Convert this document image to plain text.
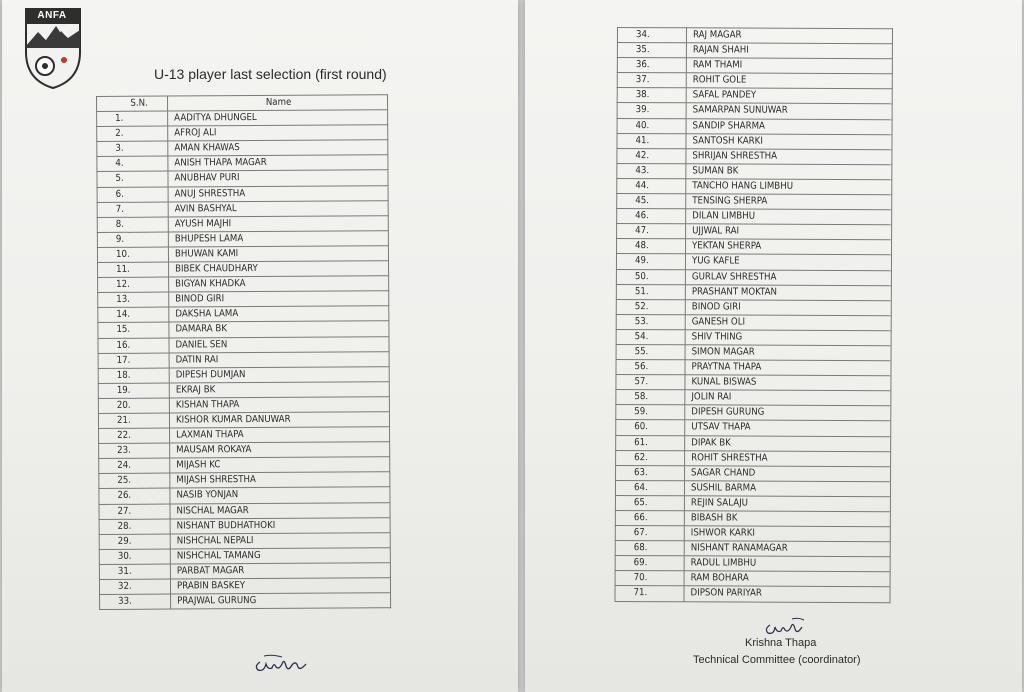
ANFA
U-13 player last selection (first round)
S.N.	Name
1.	AADITYA DHUNGEL
2.	AFROJ ALI
3.	AMAN KHAWAS
4.	ANISH THAPA MAGAR
5.	ANUBHAV PURI
6.	ANUJ SHRESTHA
7.	AVIN BASHYAL
8.	AYUSH MAJHI
9.	BHUPESH LAMA
10.	BHUWAN KAMI
11.	BIBEK CHAUDHARY
12.	BIGYAN KHADKA
13.	BINOD GIRI
14.	DAKSHA LAMA
15.	DAMARA BK
16.	DANIEL SEN
17.	DATIN RAI
18.	DIPESH DUMJAN
19.	EKRAJ BK
20.	KISHAN THAPA
21.	KISHOR KUMAR DANUWAR
22.	LAXMAN THAPA
23.	MAUSAM ROKAYA
24.	MIJASH KC
25.	MIJASH SHRESTHA
26.	NASIB YONJAN
27.	NISCHAL MAGAR
28.	NISHANT BUDHATHOKI
29.	NISHCHAL NEPALI
30.	NISHCHAL TAMANG
31.	PARBAT MAGAR
32.	PRABIN BASKEY
33.	PRAJWAL GURUNG
34.	RAJ MAGAR
35.	RAJAN SHAHI
36.	RAM THAMI
37.	ROHIT GOLE
38.	SAFAL PANDEY
39.	SAMARPAN SUNUWAR
40.	SANDIP SHARMA
41.	SANTOSH KARKI
42.	SHRIJAN SHRESTHA
43.	SUMAN BK
44.	TANCHO HANG LIMBHU
45.	TENSING SHERPA
46.	DILAN LIMBHU
47.	UJJWAL RAI
48.	YEKTAN SHERPA
49.	YUG KAFLE
50.	GURLAV SHRESTHA
51.	PRASHANT MOKTAN
52.	BINOD GIRI
53.	GANESH OLI
54.	SHIV THING
55.	SIMON MAGAR
56.	PRAYTNA THAPA
57.	KUNAL BISWAS
58.	JOLIN RAI
59.	DIPESH GURUNG
60.	UTSAV THAPA
61.	DIPAK BK
62.	ROHIT SHRESTHA
63.	SAGAR CHAND
64.	SUSHIL BARMA
65.	REJIN SALAJU
66.	BIBASH BK
67.	ISHWOR KARKI
68.	NISHANT RANAMAGAR
69.	RADUL LIMBHU
70.	RAM BOHARA
71.	DIPSON PARIYAR
Krishna Thapa
Technical Committee (coordinator)
